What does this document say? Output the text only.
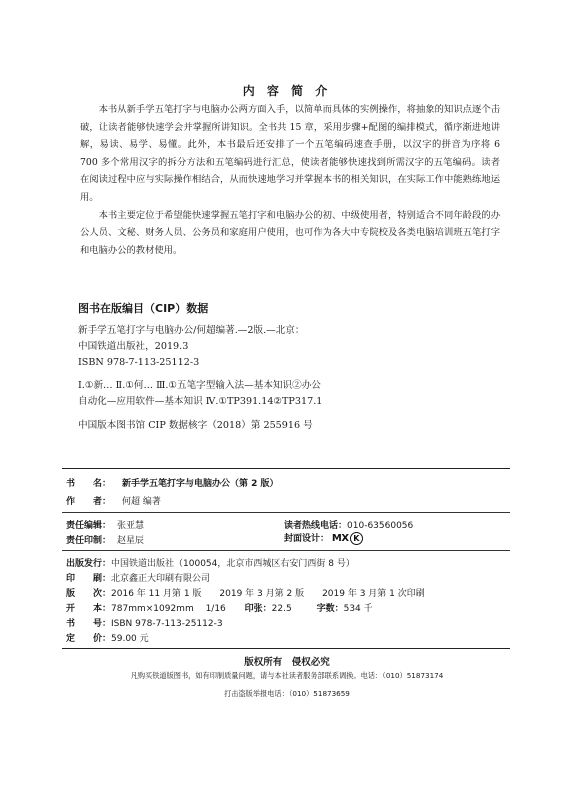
内 容 简 介

本书从新手学五笔打字与电脑办公两方面入手，以简单而具体的实例操作，将抽象的知识点逐个击破，让读者能够快速学会并掌握所讲知识。全书共 15 章，采用步骤+配图的编排模式，循序渐进地讲解，易读、易学、易懂。此外，本书最后还安排了一个五笔编码速查手册，以汉字的拼音为序将 6 700 多个常用汉字的拆分方法和五笔编码进行汇总，使读者能够快速找到所需汉字的五笔编码。读者在阅读过程中应与实际操作相结合，从而快速地学习并掌握本书的相关知识，在实际工作中能熟练地运用。

本书主要定位于希望能快速掌握五笔打字和电脑办公的初、中级使用者，特别适合不同年龄段的办公人员、文秘、财务人员、公务员和家庭用户使用，也可作为各大中专院校及各类电脑培训班五笔打字和电脑办公的教材使用。

图书在版编目（CIP）数据
新手学五笔打字与电脑办公/何超编著.—2版.—北京：
中国铁道出版社，2019.3
ISBN 978-7-113-25112-3
Ⅰ.①新… Ⅱ.①何… Ⅲ.①五笔字型输入法—基本知识②办公
自动化—应用软件—基本知识 Ⅳ.①TP391.14②TP317.1
中国版本图书馆 CIP 数据核字（2018）第 255916 号
书　　名： 新手学五笔打字与电脑办公（第 2 版）
作　　者： 何超 编著
责任编辑： 张亚慧	读者热线电话：010-63560056
责任印制： 赵星辰	封面设计： MX K
出版发行：中国铁道出版社（100054，北京市西城区右安门西街 8 号）
印　　刷：北京鑫正大印刷有限公司
版　　次：2016 年 11 月第 1 版　　2019 年 3 月第 2 版　　2019 年 3 月第 1 次印刷
开　　本：787mm×1092mm　 1/16 印张：22.5	字数：534 千
书　　号：ISBN 978-7-113-25112-3
定　　价：59.00 元
版权所有　侵权必究
凡购买铁道版图书，如有印制质量问题，请与本社读者服务部联系调换。电话：（010）51873174
打击盗版举报电话：（010）51873659
